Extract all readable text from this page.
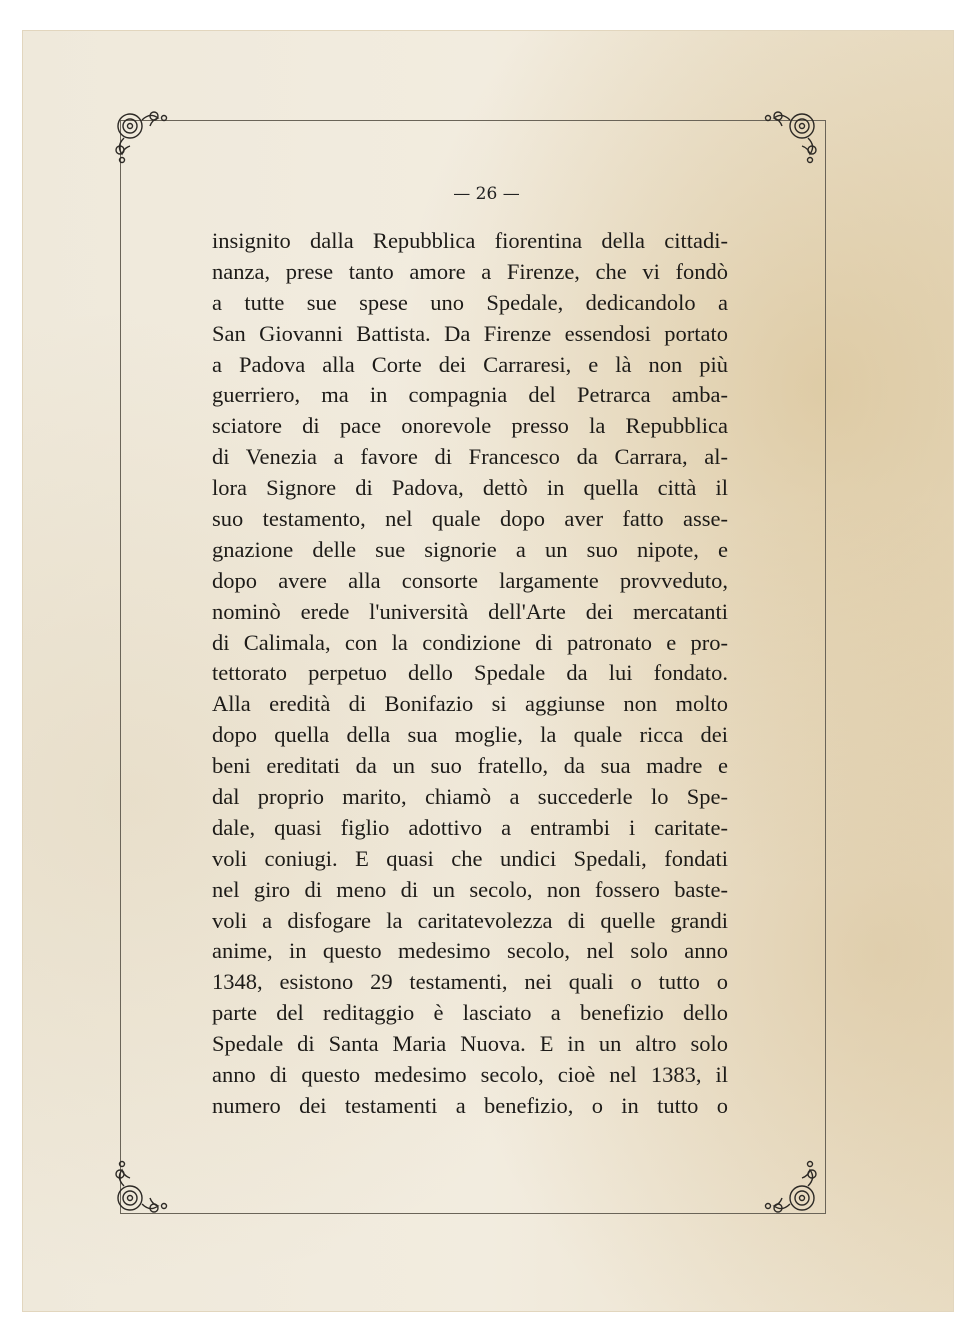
— 26 —
insignito dalla Repubblica fiorentina della cittadi-
nanza, prese tanto amore a Firenze, che vi fondò
a tutte sue spese uno Spedale, dedicandolo a
San Giovanni Battista. Da Firenze essendosi portato
a Padova alla Corte dei Carraresi, e là non più
guerriero, ma in compagnia del Petrarca amba-
sciatore di pace onorevole presso la Repubblica
di Venezia a favore di Francesco da Carrara, al-
lora Signore di Padova, dettò in quella città il
suo testamento, nel quale dopo aver fatto asse-
gnazione delle sue signorie a un suo nipote, e
dopo avere alla consorte largamente provveduto,
nominò erede l'università dell'Arte dei mercatanti
di Calimala, con la condizione di patronato e pro-
tettorato perpetuo dello Spedale da lui fondato.
Alla eredità di Bonifazio si aggiunse non molto
dopo quella della sua moglie, la quale ricca dei
beni ereditati da un suo fratello, da sua madre e
dal proprio marito, chiamò a succederle lo Spe-
dale, quasi figlio adottivo a entrambi i caritate-
voli coniugi. E quasi che undici Spedali, fondati
nel giro di meno di un secolo, non fossero baste-
voli a disfogare la caritatevolezza di quelle grandi
anime, in questo medesimo secolo, nel solo anno
1348, esistono 29 testamenti, nei quali o tutto o
parte del reditaggio è lasciato a benefizio dello
Spedale di Santa Maria Nuova. E in un altro solo
anno di questo medesimo secolo, cioè nel 1383, il
numero dei testamenti a benefizio, o in tutto o
